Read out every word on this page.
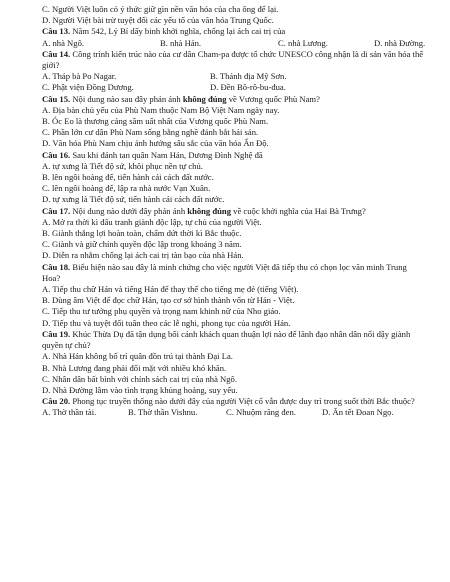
C. Người Việt luôn có ý thức giữ gìn nền văn hóa của cha ông để lại.
D. Người Việt bài trừ tuyệt đối các yếu tố của văn hóa Trung Quốc.
Câu 13. Năm 542, Lý Bí dấy binh khởi nghĩa, chống lại ách cai trị của
A. nhà Ngô.	B. nhà Hán.	C. nhà Lương.	D. nhà Đường.
Câu 14. Công trình kiến trúc nào của cư dân Cham-pa được tổ chức UNESCO công nhận là di sản văn hóa thế giới?
A. Tháp bà Po Nagar.	B. Thánh địa Mỹ Sơn.
C. Phật viện Đồng Dương.	D. Đền Bô-rô-bu-đua.
Câu 15. Nội dung nào sau đây phản ánh không đúng về Vương quốc Phù Nam?
A. Địa bàn chủ yếu của Phù Nam thuộc Nam Bộ Việt Nam ngày nay.
B. Óc Eo là thương cảng sầm uất nhất của Vương quốc Phù Nam.
C. Phần lớn cư dân Phù Nam sống bằng nghề đánh bắt hải sản.
D. Văn hóa Phù Nam chịu ảnh hưởng sâu sắc của văn hóa Ấn Độ.
Câu 16. Sau khi đánh tan quân Nam Hán, Dương Đình Nghệ đã
A. tự xưng là Tiết độ sứ, khôi phục nền tự chủ.
B. lên ngôi hoàng đế, tiến hành cải cách đất nước.
C. lên ngôi hoàng đế, lập ra nhà nước Vạn Xuân.
D. tự xưng là Tiết độ sứ, tiến hành cải cách đất nước.
Câu 17. Nội dung nào dưới đây phản ánh không đúng về cuộc khởi nghĩa của Hai Bà Trưng?
A. Mở ra thời kì đấu tranh giành độc lập, tự chủ của người Việt.
B. Giành thắng lợi hoàn toàn, chấm dứt thời kì Bắc thuộc.
C. Giành và giữ chính quyền độc lập trong khoảng 3 năm.
D. Diễn ra nhằm chống lại ách cai trị tàn bạo của nhà Hán.
Câu 18. Biểu hiện nào sau đây là minh chứng cho việc người Việt đã tiếp thu có chọn lọc văn minh Trung Hoa?
A. Tiếp thu chữ Hán và tiếng Hán để thay thế cho tiếng mẹ đẻ (tiếng Việt).
B. Dùng âm Việt để đọc chữ Hán, tạo cơ sở hình thành vốn từ Hán - Việt.
C. Tiếp thu tư tưởng phụ quyền và trọng nam khinh nữ của Nho giáo.
D. Tiếp thu và tuyệt đối tuân theo các lễ nghi, phong tục của người Hán.
Câu 19. Khúc Thừa Dụ đã tận dụng bối cảnh khách quan thuận lợi nào để lãnh đạo nhân dân nổi dậy giành quyền tự chủ?
A. Nhà Hán không bố trí quân đồn trú tại thành Đại La.
B. Nhà Lương đang phải đối mặt với nhiều khó khăn.
C. Nhân dân bất bình với chính sách cai trị của nhà Ngô.
D. Nhà Đường lâm vào tình trạng khủng hoảng, suy yếu.
Câu 20. Phong tục truyền thống nào dưới đây của người Việt cổ vẫn được duy trì trong suốt thời Bắc thuộc?
A. Thờ thần tài.	B. Thờ thần Vishnu.	C. Nhuộm răng đen.	D. Ăn tết Đoan Ngọ.
